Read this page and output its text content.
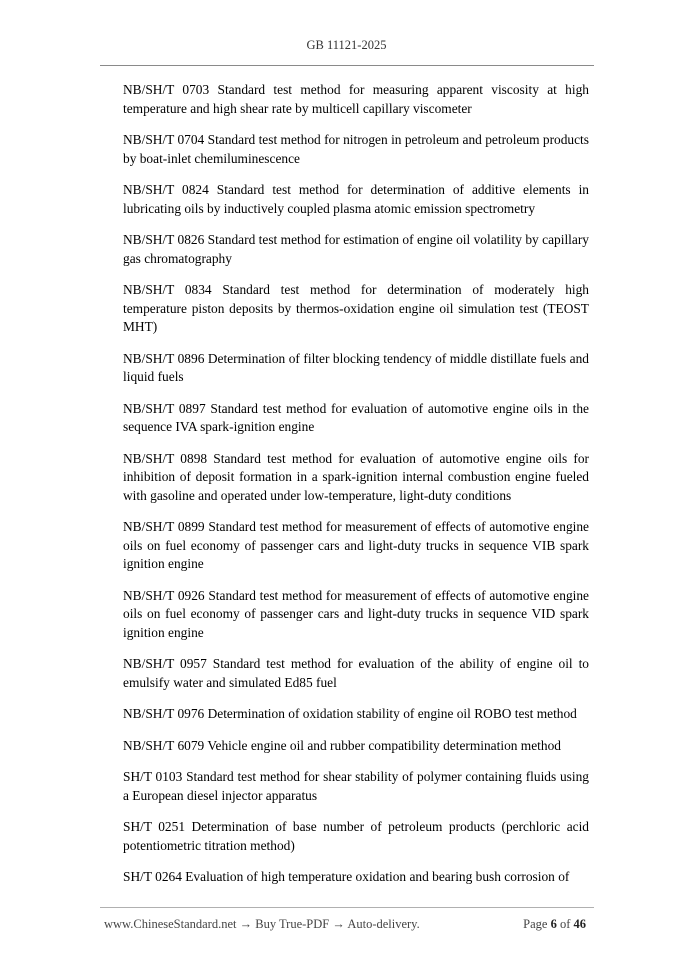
GB 11121-2025
NB/SH/T 0703 Standard test method for measuring apparent viscosity at high temperature and high shear rate by multicell capillary viscometer
NB/SH/T 0704 Standard test method for nitrogen in petroleum and petroleum products by boat-inlet chemiluminescence
NB/SH/T 0824 Standard test method for determination of additive elements in lubricating oils by inductively coupled plasma atomic emission spectrometry
NB/SH/T 0826 Standard test method for estimation of engine oil volatility by capillary gas chromatography
NB/SH/T 0834 Standard test method for determination of moderately high temperature piston deposits by thermos-oxidation engine oil simulation test (TEOST MHT)
NB/SH/T 0896 Determination of filter blocking tendency of middle distillate fuels and liquid fuels
NB/SH/T 0897 Standard test method for evaluation of automotive engine oils in the sequence IVA spark-ignition engine
NB/SH/T 0898 Standard test method for evaluation of automotive engine oils for inhibition of deposit formation in a spark-ignition internal combustion engine fueled with gasoline and operated under low-temperature, light-duty conditions
NB/SH/T 0899 Standard test method for measurement of effects of automotive engine oils on fuel economy of passenger cars and light-duty trucks in sequence VIB spark ignition engine
NB/SH/T 0926 Standard test method for measurement of effects of automotive engine oils on fuel economy of passenger cars and light-duty trucks in sequence VID spark ignition engine
NB/SH/T 0957 Standard test method for evaluation of the ability of engine oil to emulsify water and simulated Ed85 fuel
NB/SH/T 0976 Determination of oxidation stability of engine oil ROBO test method
NB/SH/T 6079 Vehicle engine oil and rubber compatibility determination method
SH/T 0103 Standard test method for shear stability of polymer containing fluids using a European diesel injector apparatus
SH/T 0251 Determination of base number of petroleum products (perchloric acid potentiometric titration method)
SH/T 0264 Evaluation of high temperature oxidation and bearing bush corrosion of
www.ChineseStandard.net → Buy True-PDF → Auto-delivery.	Page 6 of 46
